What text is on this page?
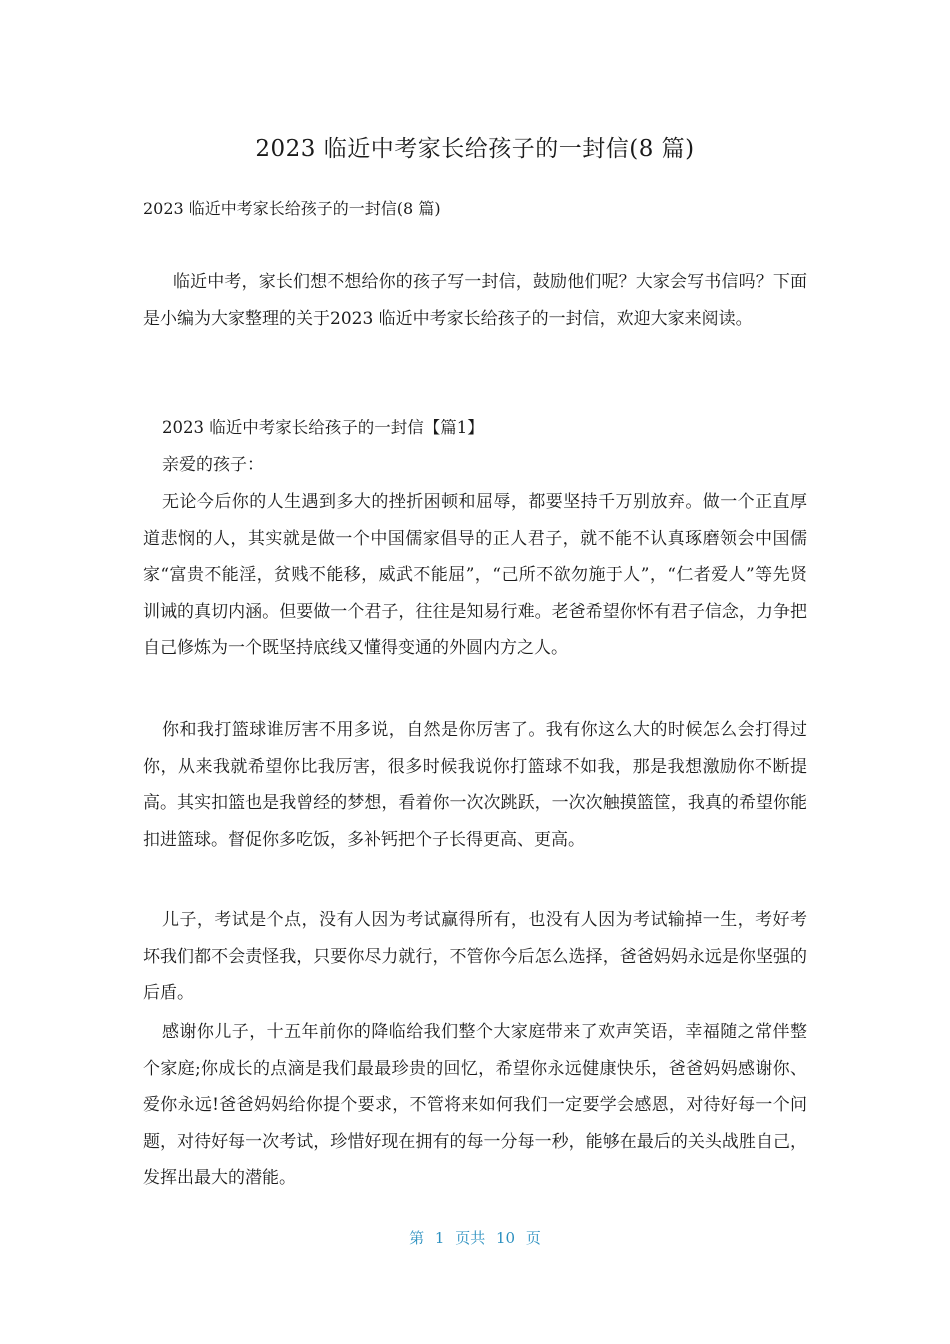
2023 临近中考家长给孩子的一封信(8 篇)

2023 临近中考家长给孩子的一封信(8 篇)

临近中考，家长们想不想给你的孩子写一封信，鼓励他们呢？大家会写书信吗？下面是小编为大家整理的关于2023 临近中考家长给孩子的一封信，欢迎大家来阅读。

2023 临近中考家长给孩子的一封信【篇1】

亲爱的孩子：

无论今后你的人生遇到多大的挫折困顿和屈辱，都要坚持千万别放弃。做一个正直厚道悲悯的人，其实就是做一个中国儒家倡导的正人君子，就不能不认真琢磨领会中国儒家“富贵不能淫，贫贱不能移，威武不能屈”，“己所不欲勿施于人”，“仁者爱人”等先贤训诫的真切内涵。但要做一个君子，往往是知易行难。老爸希望你怀有君子信念，力争把自己修炼为一个既坚持底线又懂得变通的外圆内方之人。

你和我打篮球谁厉害不用多说，自然是你厉害了。我有你这么大的时候怎么会打得过你，从来我就希望你比我厉害，很多时候我说你打篮球不如我，那是我想激励你不断提高。其实扣篮也是我曾经的梦想，看着你一次次跳跃，一次次触摸篮筐，我真的希望你能扣进篮球。督促你多吃饭，多补钙把个子长得更高、更高。

儿子，考试是个点，没有人因为考试赢得所有，也没有人因为考试输掉一生，考好考坏我们都不会责怪我，只要你尽力就行，不管你今后怎么选择，爸爸妈妈永远是你坚强的后盾。

感谢你儿子，十五年前你的降临给我们整个大家庭带来了欢声笑语，幸福随之常伴整个家庭;你成长的点滴是我们最最珍贵的回忆，希望你永远健康快乐，爸爸妈妈感谢你、爱你永远!爸爸妈妈给你提个要求，不管将来如何我们一定要学会感恩，对待好每一个问题，对待好每一次考试，珍惜好现在拥有的每一分每一秒，能够在最后的关头战胜自己，发挥出最大的潜能。

第 1 页共 10 页
